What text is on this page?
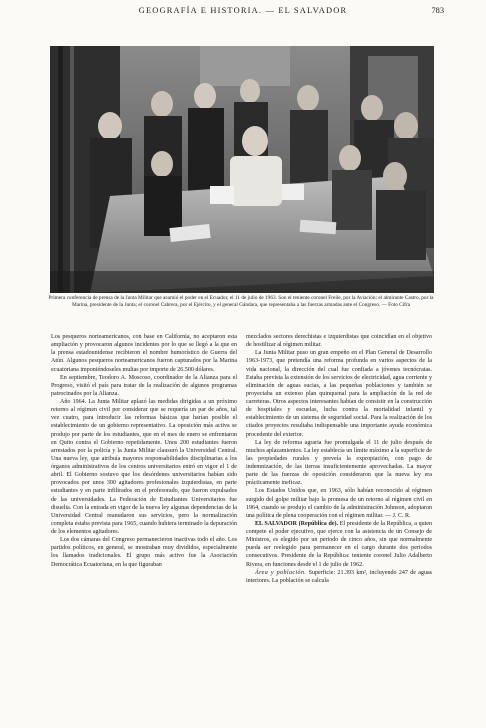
GEOGRAFÍA E HISTORIA. — EL SALVADOR	783
Primera conferencia de prensa de la Junta Militar que asumió el poder en el Ecuador, el 11 de julio de 1963. Son el teniente coronel Freile, por la Aviación; el almirante Castro, por la Marina, presidente de la Junta; el coronel Cabrera, por el Ejército, y el general Gándara, que representaba a las fuerzas armadas ante el Congreso. — Foto Cifra

Los pesqueros norteamericanos, con base en California, no aceptaron esta ampliación y provocaron algunos incidentes por lo que se llegó a la que en la prensa estadounidense recibieron el nombre humorístico de Guerra del Atún. Algunos pesqueros norteamericanos fueron capturados por la Marina ecuatoriana imponiéndoseles multas por importe de 26.500 dólares.

En septiembre, Teodoro A. Moscoso, coordinador de la Alianza para el Progreso, visitó el país para tratar de la realización de algunos programas patrocinados por la Alianza.

Año 1964. La Junta Militar aplazó las medidas dirigidas a un próximo retorno al régimen civil por considerar que se requería un par de años, tal vez cuatro, para introducir las reformas básicas que harían posible el establecimiento de un gobierno representativo. La oposición más activa se produjo por parte de los estudiantes, que en el mes de enero se enfrentaron en Quito contra el Gobierno repetidamente. Unos 200 estudiantes fueron arrestados por la policía y la Junta Militar clausuró la Universidad Central. Una nueva ley, que atribuía mayores responsabilidades disciplinarias a los órganos administrativos de los centros universitarios entró en vigor el 1 de abril. El Gobierno sostuvo que los desórdenes universitarios habían sido provocados por unos 300 agitadores profesionales izquierdistas, en parte estudiantes y en parte infiltrados en el profesorado, que fueron expulsados de las universidades. La Federación de Estudiantes Universitarios fue disuelta. Con la entrada en vigor de la nueva ley algunas dependencias de la Universidad Central reanudaron sus servicios, pero la normalización completa estaba prevista para 1965, cuando hubiera terminado la depuración de los elementos agitadores.

Los dos cámaras del Congreso permanecieron inactivas todo el año. Los partidos políticos, en general, se mostraban muy divididos, especialmente los llamados tradicionales. El grupo más activo fue la Asociación Democrática Ecuatoriana, en la que figuraban

mezclados sectores derechistas e izquierdistas que coincidían en el objetivo de hostilizar al régimen militar.

La Junta Militar puso un gran empeño en el Plan General de Desarrollo 1963-1973, que pretendía una reforma profunda en varios aspectos de la vida nacional, la dirección del cual fue confiada a jóvenes tecnócratas. Estaba prevista la extensión de los servicios de electricidad, agua corriente y eliminación de aguas sucias, a las pequeñas poblaciones y también se proyectaba un extenso plan quinquenal para la ampliación de la red de carreteras. Otros aspectos interesantes habían de consistir en la construcción de hospitales y escuelas, lucha contra la mortalidad infantil y establecimiento de un sistema de seguridad social. Para la realización de los citados proyectos resultaba indispensable una importante ayuda económica procedente del exterior.

La ley de reforma agraria fue promulgada el 11 de julio después de muchos aplazamientos. La ley establecía un límite máximo a la superficie de las propiedades rurales y preveía la expropiación, con pago de indemnización, de las tierras insuficientemente aprovechadas. La mayor parte de las fuerzas de oposición consideraron que la nueva ley era prácticamente ineficaz.

Los Estados Unidos que, en 1963, sólo habían reconocido al régimen surgido del golpe militar bajo la promesa de un retorno al régimen civil en 1964, cuando se produjo el cambio de la administración Johnson, adoptaron una política de plena cooperación con el régimen militar. — J. C. R.

EL SALVADOR (República de). El presidente de la República, a quien compete el poder ejecutivo, que ejerce con la asistencia de un Consejo de Ministros, es elegido por un periodo de cinco años, sin que normalmente pueda ser reelegido para permanecer en el cargo durante dos periodos consecutivos. Presidente de la República: teniente coronel Julio Adalberto Rivera, en funciones desde el 1 de julio de 1962.

Área y población. Superficie: 21.393 km², incluyendo 247 de aguas interiores. La población se calcula
